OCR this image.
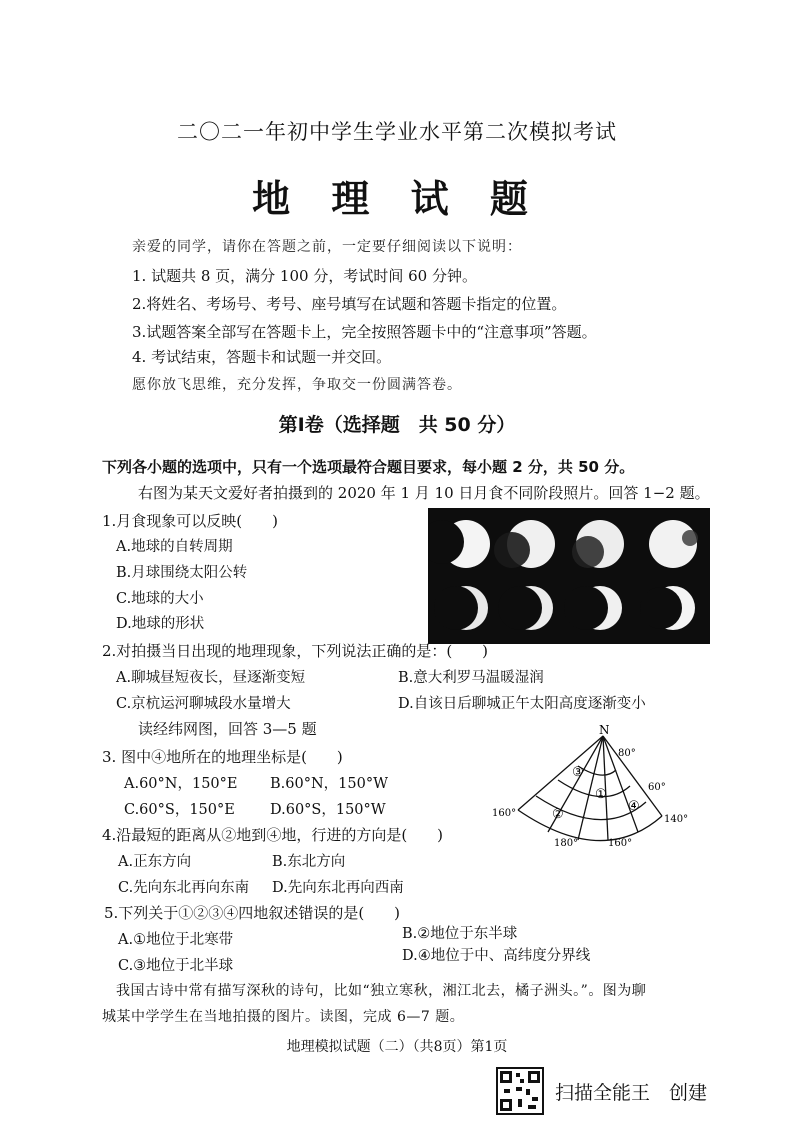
二〇二一年初中学生学业水平第二次模拟考试
地 理 试 题
亲爱的同学，请你在答题之前，一定要仔细阅读以下说明：
1. 试题共 8 页，满分 100 分，考试时间 60 分钟。
2.将姓名、考场号、考号、座号填写在试题和答题卡指定的位置。
3.试题答案全部写在答题卡上，完全按照答题卡中的“注意事项”答题。
4. 考试结束，答题卡和试题一并交回。
愿你放飞思维，充分发挥，争取交一份圆满答卷。
第Ⅰ卷（选择题　共 50 分）
下列各小题的选项中，只有一个选项最符合题目要求，每小题 2 分，共 50 分。
右图为某天文爱好者拍摄到的 2020 年 1 月 10 日月食不同阶段照片。回答 1−2 题。
1.月食现象可以反映(　　)
A.地球的自转周期
B.月球围绕太阳公转
C.地球的大小
D.地球的形状
2.对拍摄当日出现的地理现象，下列说法正确的是：(　　)
A.聊城昼短夜长，昼逐渐变短	B.意大利罗马温暖湿润
C.京杭运河聊城段水量增大	D.自该日后聊城正午太阳高度逐渐变小
读经纬网图，回答 3—5 题
3. 图中④地所在的地理坐标是(　　)
A.60°N，150°E B.60°N，150°W
C.60°S，150°E D.60°S，150°W
4.沿最短的距离从②地到④地，行进的方向是(　　)
A.正东方向	B.东北方向
C.先向东北再向东南 D.先向东北再向西南
5.下列关于①②③④四地叙述错误的是(　　)
A.①地位于北寒带	B.②地位于东半球
C.③地位于北半球
D.④地位于中、高纬度分界线
N
80°
60°
160°
140°
180°	160°
①
②
③
④
我国古诗中常有描写深秋的诗句，比如“独立寒秋，湘江北去，橘子洲头。”。图为聊
城某中学学生在当地拍摄的图片。读图，完成 6—7 题。
地理模拟试题（二）（共8页）第1页
扫描全能王　创建
